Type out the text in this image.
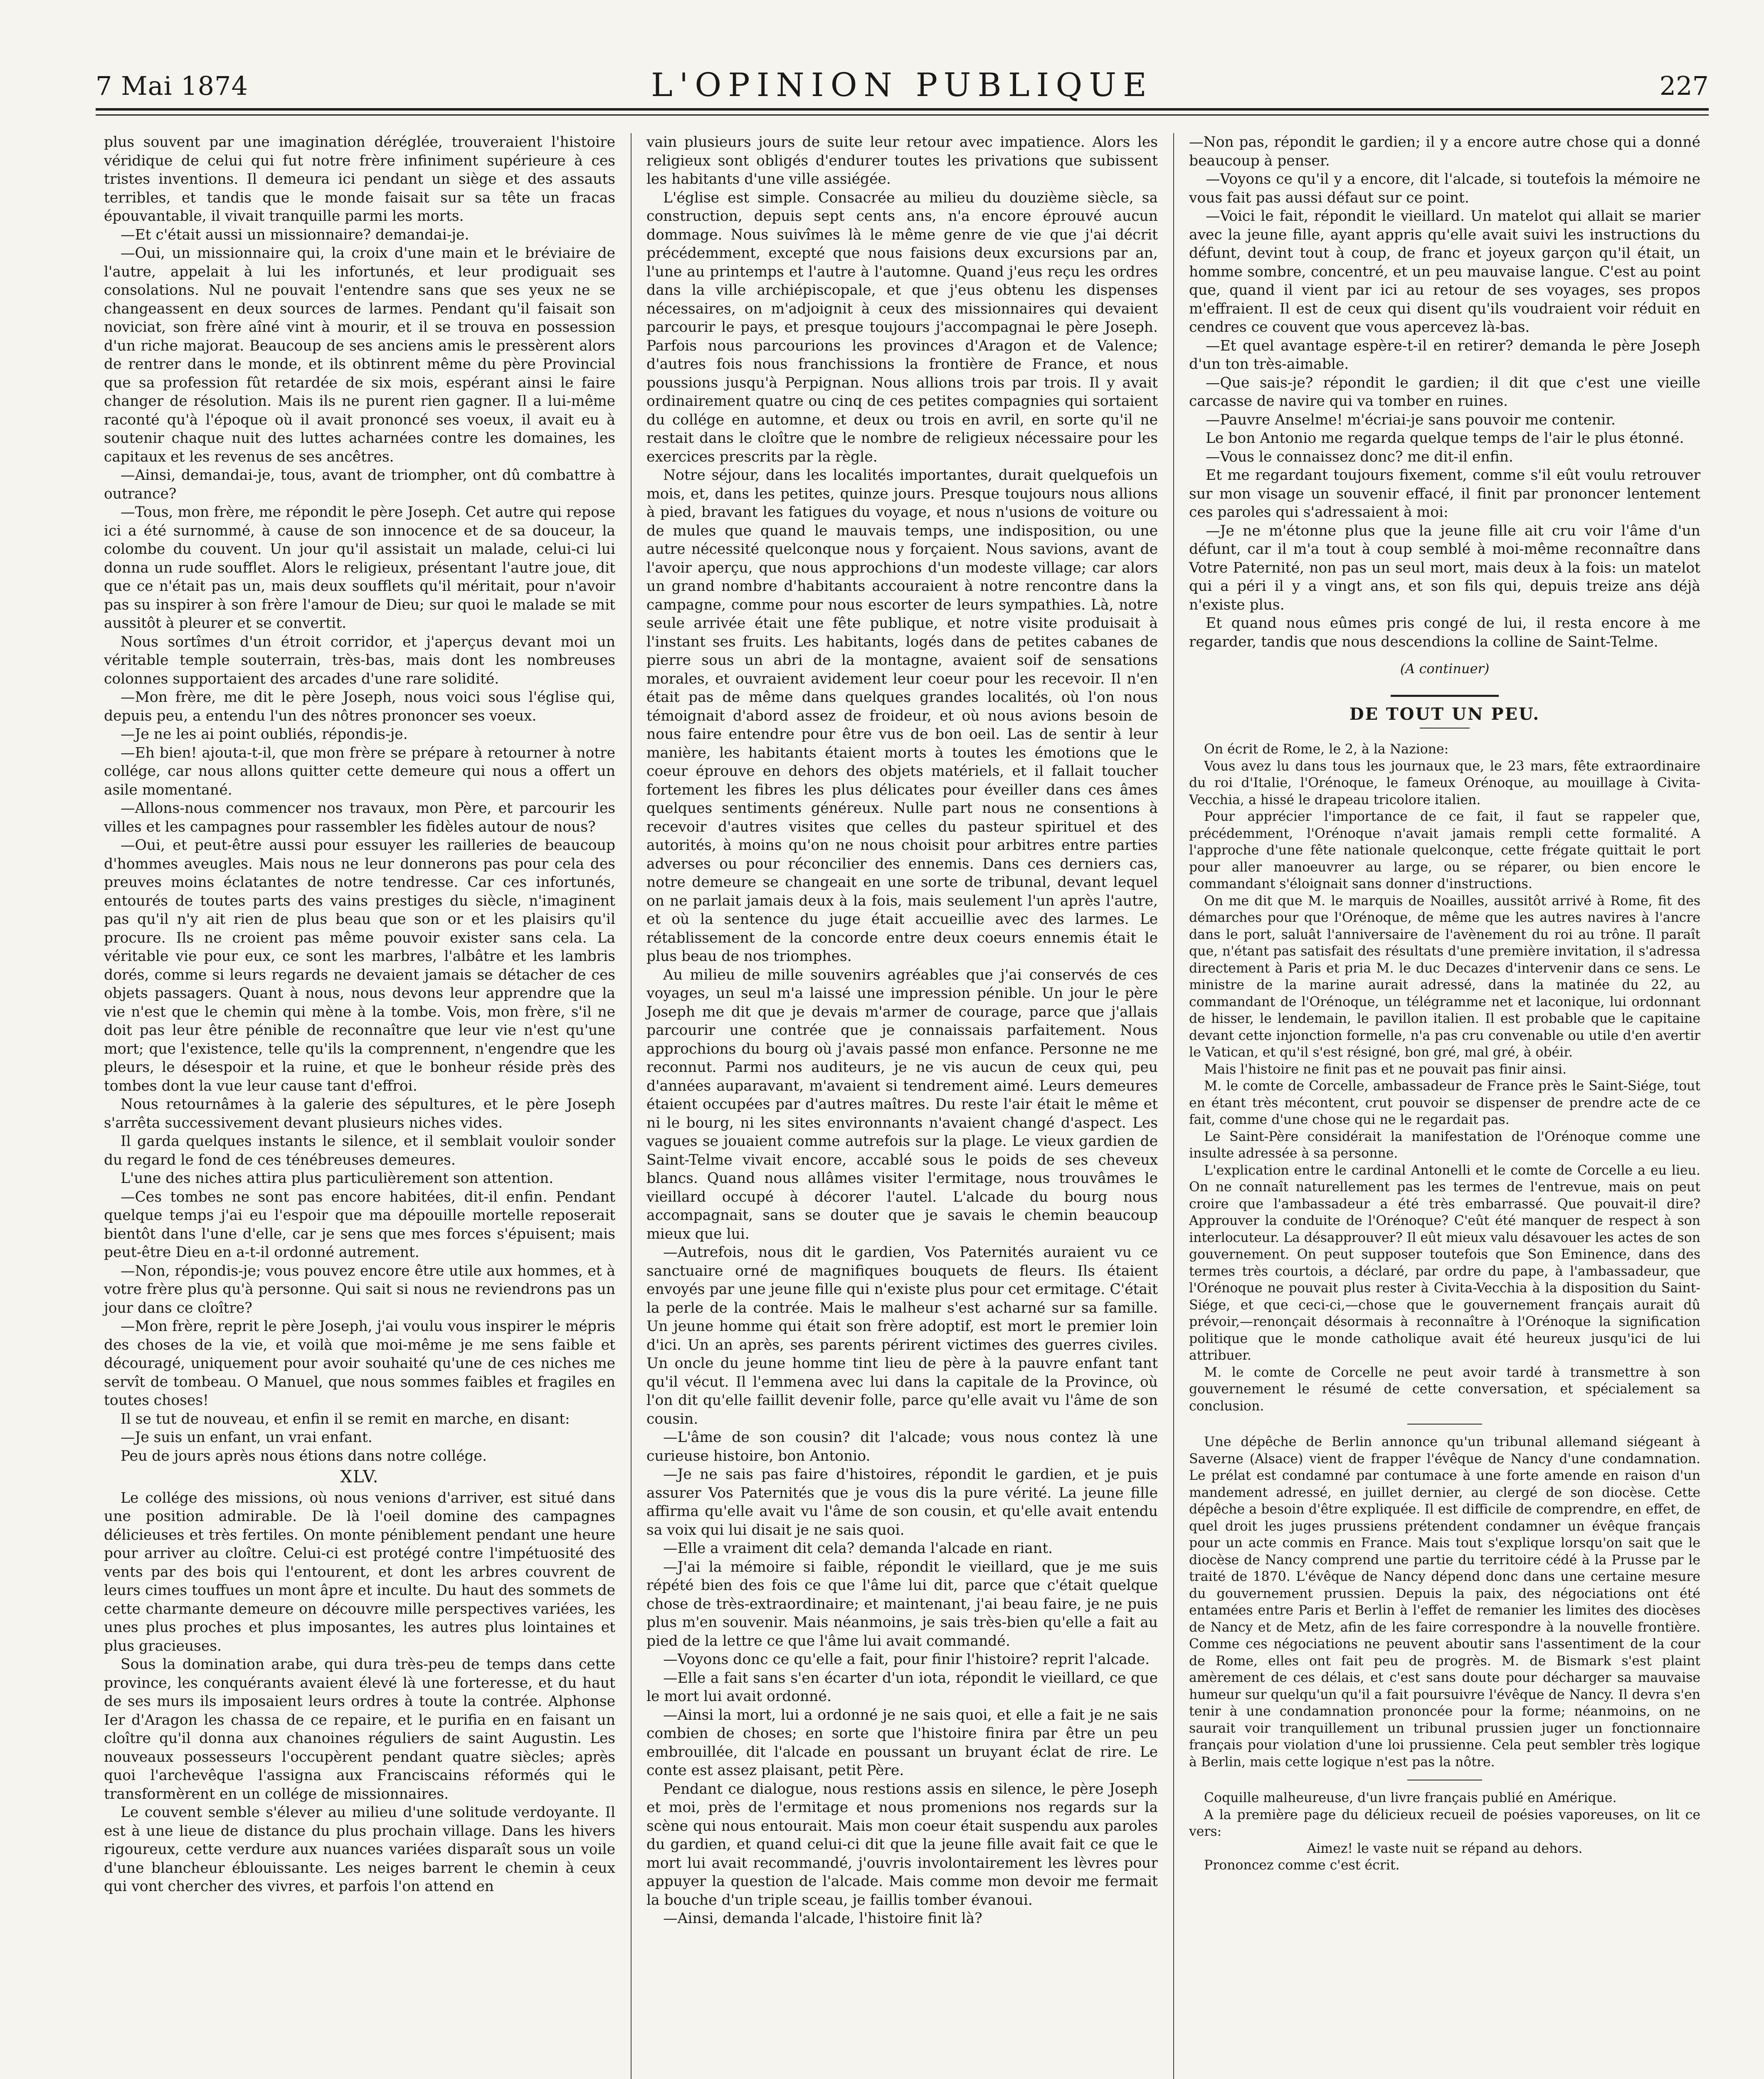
7 Mai 1874	L'OPINION PUBLIQUE	227

plus souvent par une imagination déréglée, trouveraient l'histoire véridique de celui qui fut notre frère infiniment supérieure à ces tristes inventions. Il demeura ici pendant un siège et des assauts terribles, et tandis que le monde faisait sur sa tête un fracas épouvantable, il vivait tranquille parmi les morts.

—Et c'était aussi un missionnaire? demandai-je.

—Oui, un missionnaire qui, la croix d'une main et le bréviaire de l'autre, appelait à lui les infortunés, et leur prodiguait ses consolations. Nul ne pouvait l'entendre sans que ses yeux ne se changeassent en deux sources de larmes. Pendant qu'il faisait son noviciat, son frère aîné vint à mourir, et il se trouva en possession d'un riche majorat. Beaucoup de ses anciens amis le pressèrent alors de rentrer dans le monde, et ils obtinrent même du père Provincial que sa profession fût retardée de six mois, espérant ainsi le faire changer de résolution. Mais ils ne purent rien gagner. Il a lui-même raconté qu'à l'époque où il avait prononcé ses voeux, il avait eu à soutenir chaque nuit des luttes acharnées contre les domaines, les capitaux et les revenus de ses ancêtres.

—Ainsi, demandai-je, tous, avant de triompher, ont dû combattre à outrance?

—Tous, mon frère, me répondit le père Joseph. Cet autre qui repose ici a été surnommé, à cause de son innocence et de sa douceur, la colombe du couvent. Un jour qu'il assistait un malade, celui-ci lui donna un rude soufflet. Alors le religieux, présentant l'autre joue, dit que ce n'était pas un, mais deux soufflets qu'il méritait, pour n'avoir pas su inspirer à son frère l'amour de Dieu; sur quoi le malade se mit aussitôt à pleurer et se convertit.

Nous sortîmes d'un étroit corridor, et j'aperçus devant moi un véritable temple souterrain, très-bas, mais dont les nombreuses colonnes supportaient des arcades d'une rare solidité.

—Mon frère, me dit le père Joseph, nous voici sous l'église qui, depuis peu, a entendu l'un des nôtres prononcer ses voeux.

—Je ne les ai point oubliés, répondis-je.

—Eh bien! ajouta-t-il, que mon frère se prépare à retourner à notre collége, car nous allons quitter cette demeure qui nous a offert un asile momentané.

—Allons-nous commencer nos travaux, mon Père, et parcourir les villes et les campagnes pour rassembler les fidèles autour de nous?

—Oui, et peut-être aussi pour essuyer les railleries de beaucoup d'hommes aveugles. Mais nous ne leur donnerons pas pour cela des preuves moins éclatantes de notre tendresse. Car ces infortunés, entourés de toutes parts des vains prestiges du siècle, n'imaginent pas qu'il n'y ait rien de plus beau que son or et les plaisirs qu'il procure. Ils ne croient pas même pouvoir exister sans cela. La véritable vie pour eux, ce sont les marbres, l'albâtre et les lambris dorés, comme si leurs regards ne devaient jamais se détacher de ces objets passagers. Quant à nous, nous devons leur apprendre que la vie n'est que le chemin qui mène à la tombe. Vois, mon frère, s'il ne doit pas leur être pénible de reconnaître que leur vie n'est qu'une mort; que l'existence, telle qu'ils la comprennent, n'engendre que les pleurs, le désespoir et la ruine, et que le bonheur réside près des tombes dont la vue leur cause tant d'effroi.

Nous retournâmes à la galerie des sépultures, et le père Joseph s'arrêta successivement devant plusieurs niches vides.

Il garda quelques instants le silence, et il semblait vouloir sonder du regard le fond de ces ténébreuses demeures.

L'une des niches attira plus particulièrement son attention.

—Ces tombes ne sont pas encore habitées, dit-il enfin. Pendant quelque temps j'ai eu l'espoir que ma dépouille mortelle reposerait bientôt dans l'une d'elle, car je sens que mes forces s'épuisent; mais peut-être Dieu en a-t-il ordonné autrement.

—Non, répondis-je; vous pouvez encore être utile aux hommes, et à votre frère plus qu'à personne. Qui sait si nous ne reviendrons pas un jour dans ce cloître?

—Mon frère, reprit le père Joseph, j'ai voulu vous inspirer le mépris des choses de la vie, et voilà que moi-même je me sens faible et découragé, uniquement pour avoir souhaité qu'une de ces niches me servît de tombeau. O Manuel, que nous sommes faibles et fragiles en toutes choses!

Il se tut de nouveau, et enfin il se remit en marche, en disant:

—Je suis un enfant, un vrai enfant.

Peu de jours après nous étions dans notre collége.

XLV.

Le collége des missions, où nous venions d'arriver, est situé dans une position admirable. De là l'oeil domine des campagnes délicieuses et très fertiles. On monte péniblement pendant une heure pour arriver au cloître. Celui-ci est protégé contre l'impétuosité des vents par des bois qui l'entourent, et dont les arbres couvrent de leurs cimes touffues un mont âpre et inculte. Du haut des sommets de cette charmante demeure on découvre mille perspectives variées, les unes plus proches et plus imposantes, les autres plus lointaines et plus gracieuses.

Sous la domination arabe, qui dura très-peu de temps dans cette province, les conquérants avaient élevé là une forteresse, et du haut de ses murs ils imposaient leurs ordres à toute la contrée. Alphonse Ier d'Aragon les chassa de ce repaire, et le purifia en en faisant un cloître qu'il donna aux chanoines réguliers de saint Augustin. Les nouveaux possesseurs l'occupèrent pendant quatre siècles; après quoi l'archevêque l'assigna aux Franciscains réformés qui le transformèrent en un collége de missionnaires.

Le couvent semble s'élever au milieu d'une solitude verdoyante. Il est à une lieue de distance du plus prochain village. Dans les hivers rigoureux, cette verdure aux nuances variées disparaît sous un voile d'une blancheur éblouissante. Les neiges barrent le chemin à ceux qui vont chercher des vivres, et parfois l'on attend en

vain plusieurs jours de suite leur retour avec impatience. Alors les religieux sont obligés d'endurer toutes les privations que subissent les habitants d'une ville assiégée.

L'église est simple. Consacrée au milieu du douzième siècle, sa construction, depuis sept cents ans, n'a encore éprouvé aucun dommage. Nous suivîmes là le même genre de vie que j'ai décrit précédemment, excepté que nous faisions deux excursions par an, l'une au printemps et l'autre à l'automne. Quand j'eus reçu les ordres dans la ville archiépiscopale, et que j'eus obtenu les dispenses nécessaires, on m'adjoignit à ceux des missionnaires qui devaient parcourir le pays, et presque toujours j'accompagnai le père Joseph. Parfois nous parcourions les provinces d'Aragon et de Valence; d'autres fois nous franchissions la frontière de France, et nous poussions jusqu'à Perpignan. Nous allions trois par trois. Il y avait ordinairement quatre ou cinq de ces petites compagnies qui sortaient du collége en automne, et deux ou trois en avril, en sorte qu'il ne restait dans le cloître que le nombre de religieux nécessaire pour les exercices prescrits par la règle.

Notre séjour, dans les localités importantes, durait quelquefois un mois, et, dans les petites, quinze jours. Presque toujours nous allions à pied, bravant les fatigues du voyage, et nous n'usions de voiture ou de mules que quand le mauvais temps, une indisposition, ou une autre nécessité quelconque nous y forçaient. Nous savions, avant de l'avoir aperçu, que nous approchions d'un modeste village; car alors un grand nombre d'habitants accouraient à notre rencontre dans la campagne, comme pour nous escorter de leurs sympathies. Là, notre seule arrivée était une fête publique, et notre visite produisait à l'instant ses fruits. Les habitants, logés dans de petites cabanes de pierre sous un abri de la montagne, avaient soif de sensations morales, et ouvraient avidement leur coeur pour les recevoir. Il n'en était pas de même dans quelques grandes localités, où l'on nous témoignait d'abord assez de froideur, et où nous avions besoin de nous faire entendre pour être vus de bon oeil. Las de sentir à leur manière, les habitants étaient morts à toutes les émotions que le coeur éprouve en dehors des objets matériels, et il fallait toucher fortement les fibres les plus délicates pour éveiller dans ces âmes quelques sentiments généreux. Nulle part nous ne consentions à recevoir d'autres visites que celles du pasteur spirituel et des autorités, à moins qu'on ne nous choisit pour arbitres entre parties adverses ou pour réconcilier des ennemis. Dans ces derniers cas, notre demeure se changeait en une sorte de tribunal, devant lequel on ne parlait jamais deux à la fois, mais seulement l'un après l'autre, et où la sentence du juge était accueillie avec des larmes. Le rétablissement de la concorde entre deux coeurs ennemis était le plus beau de nos triomphes.

Au milieu de mille souvenirs agréables que j'ai conservés de ces voyages, un seul m'a laissé une impression pénible. Un jour le père Joseph me dit que je devais m'armer de courage, parce que j'allais parcourir une contrée que je connaissais parfaitement. Nous approchions du bourg où j'avais passé mon enfance. Personne ne me reconnut. Parmi nos auditeurs, je ne vis aucun de ceux qui, peu d'années auparavant, m'avaient si tendrement aimé. Leurs demeures étaient occupées par d'autres maîtres. Du reste l'air était le même et ni le bourg, ni les sites environnants n'avaient changé d'aspect. Les vagues se jouaient comme autrefois sur la plage. Le vieux gardien de Saint-Telme vivait encore, accablé sous le poids de ses cheveux blancs. Quand nous allâmes visiter l'ermitage, nous trouvâmes le vieillard occupé à décorer l'autel. L'alcade du bourg nous accompagnait, sans se douter que je savais le chemin beaucoup mieux que lui.

—Autrefois, nous dit le gardien, Vos Paternités auraient vu ce sanctuaire orné de magnifiques bouquets de fleurs. Ils étaient envoyés par une jeune fille qui n'existe plus pour cet ermitage. C'était la perle de la contrée. Mais le malheur s'est acharné sur sa famille. Un jeune homme qui était son frère adoptif, est mort le premier loin d'ici. Un an après, ses parents périrent victimes des guerres civiles. Un oncle du jeune homme tint lieu de père à la pauvre enfant tant qu'il vécut. Il l'emmena avec lui dans la capitale de la Province, où l'on dit qu'elle faillit devenir folle, parce qu'elle avait vu l'âme de son cousin.

—L'âme de son cousin? dit l'alcade; vous nous contez là une curieuse histoire, bon Antonio.

—Je ne sais pas faire d'histoires, répondit le gardien, et je puis assurer Vos Paternités que je vous dis la pure vérité. La jeune fille affirma qu'elle avait vu l'âme de son cousin, et qu'elle avait entendu sa voix qui lui disait je ne sais quoi.

—Elle a vraiment dit cela? demanda l'alcade en riant.

—J'ai la mémoire si faible, répondit le vieillard, que je me suis répété bien des fois ce que l'âme lui dit, parce que c'était quelque chose de très-extraordinaire; et maintenant, j'ai beau faire, je ne puis plus m'en souvenir. Mais néanmoins, je sais très-bien qu'elle a fait au pied de la lettre ce que l'âme lui avait commandé.

—Voyons donc ce qu'elle a fait, pour finir l'histoire? reprit l'alcade.

—Elle a fait sans s'en écarter d'un iota, répondit le vieillard, ce que le mort lui avait ordonné.

—Ainsi la mort, lui a ordonné je ne sais quoi, et elle a fait je ne sais combien de choses; en sorte que l'histoire finira par être un peu embrouillée, dit l'alcade en poussant un bruyant éclat de rire. Le conte est assez plaisant, petit Père.

Pendant ce dialogue, nous restions assis en silence, le père Joseph et moi, près de l'ermitage et nous promenions nos regards sur la scène qui nous entourait. Mais mon coeur était suspendu aux paroles du gardien, et quand celui-ci dit que la jeune fille avait fait ce que le mort lui avait recommandé, j'ouvris involontairement les lèvres pour appuyer la question de l'alcade. Mais comme mon devoir me fermait la bouche d'un triple sceau, je faillis tomber évanoui.

—Ainsi, demanda l'alcade, l'histoire finit là?

—Non pas, répondit le gardien; il y a encore autre chose qui a donné beaucoup à penser.

—Voyons ce qu'il y a encore, dit l'alcade, si toutefois la mémoire ne vous fait pas aussi défaut sur ce point.

—Voici le fait, répondit le vieillard. Un matelot qui allait se marier avec la jeune fille, ayant appris qu'elle avait suivi les instructions du défunt, devint tout à coup, de franc et joyeux garçon qu'il était, un homme sombre, concentré, et un peu mauvaise langue. C'est au point que, quand il vient par ici au retour de ses voyages, ses propos m'effraient. Il est de ceux qui disent qu'ils voudraient voir réduit en cendres ce couvent que vous apercevez là-bas.

—Et quel avantage espère-t-il en retirer? demanda le père Joseph d'un ton très-aimable.

—Que sais-je? répondit le gardien; il dit que c'est une vieille carcasse de navire qui va tomber en ruines.

—Pauvre Anselme! m'écriai-je sans pouvoir me contenir.

Le bon Antonio me regarda quelque temps de l'air le plus étonné.

—Vous le connaissez donc? me dit-il enfin.

Et me regardant toujours fixement, comme s'il eût voulu retrouver sur mon visage un souvenir effacé, il finit par prononcer lentement ces paroles qui s'adressaient à moi:

—Je ne m'étonne plus que la jeune fille ait cru voir l'âme d'un défunt, car il m'a tout à coup semblé à moi-même reconnaître dans Votre Paternité, non pas un seul mort, mais deux à la fois: un matelot qui a péri il y a vingt ans, et son fils qui, depuis treize ans déjà n'existe plus.

Et quand nous eûmes pris congé de lui, il resta encore à me regarder, tandis que nous descendions la colline de Saint-Telme.

(A continuer)
DE TOUT UN PEU.

On écrit de Rome, le 2, à la Nazione:

Vous avez lu dans tous les journaux que, le 23 mars, fête extraordinaire du roi d'Italie, l'Orénoque, le fameux Orénoque, au mouillage à Civita-Vecchia, a hissé le drapeau tricolore italien.

Pour apprécier l'importance de ce fait, il faut se rappeler que, précédemment, l'Orénoque n'avait jamais rempli cette formalité. A l'approche d'une fête nationale quelconque, cette frégate quittait le port pour aller manoeuvrer au large, ou se réparer, ou bien encore le commandant s'éloignait sans donner d'instructions.

On me dit que M. le marquis de Noailles, aussitôt arrivé à Rome, fit des démarches pour que l'Orénoque, de même que les autres navires à l'ancre dans le port, saluât l'anniversaire de l'avènement du roi au trône. Il paraît que, n'étant pas satisfait des résultats d'une première invitation, il s'adressa directement à Paris et pria M. le duc Decazes d'intervenir dans ce sens. Le ministre de la marine aurait adressé, dans la matinée du 22, au commandant de l'Orénoque, un télégramme net et laconique, lui ordonnant de hisser, le lendemain, le pavillon italien. Il est probable que le capitaine devant cette injonction formelle, n'a pas cru convenable ou utile d'en avertir le Vatican, et qu'il s'est résigné, bon gré, mal gré, à obéir.

Mais l'histoire ne finit pas et ne pouvait pas finir ainsi.

M. le comte de Corcelle, ambassadeur de France près le Saint-Siége, tout en étant très mécontent, crut pouvoir se dispenser de prendre acte de ce fait, comme d'une chose qui ne le regardait pas.

Le Saint-Père considérait la manifestation de l'Orénoque comme une insulte adressée à sa personne.

L'explication entre le cardinal Antonelli et le comte de Corcelle a eu lieu. On ne connaît naturellement pas les termes de l'entrevue, mais on peut croire que l'ambassadeur a été très embarrassé. Que pouvait-il dire? Approuver la conduite de l'Orénoque? C'eût été manquer de respect à son interlocuteur. La désapprouver? Il eût mieux valu désavouer les actes de son gouvernement. On peut supposer toutefois que Son Eminence, dans des termes très courtois, a déclaré, par ordre du pape, à l'ambassadeur, que l'Orénoque ne pouvait plus rester à Civita-Vecchia à la disposition du Saint-Siége, et que ceci-ci,—chose que le gouvernement français aurait dû prévoir,—renonçait désormais à reconnaître à l'Orénoque la signification politique que le monde catholique avait été heureux jusqu'ici de lui attribuer.

M. le comte de Corcelle ne peut avoir tardé à transmettre à son gouvernement le résumé de cette conversation, et spécialement sa conclusion.

Une dépêche de Berlin annonce qu'un tribunal allemand siégeant à Saverne (Alsace) vient de frapper l'évêque de Nancy d'une condamnation. Le prélat est condamné par contumace à une forte amende en raison d'un mandement adressé, en juillet dernier, au clergé de son diocèse. Cette dépêche a besoin d'être expliquée. Il est difficile de comprendre, en effet, de quel droit les juges prussiens prétendent condamner un évêque français pour un acte commis en France. Mais tout s'explique lorsqu'on sait que le diocèse de Nancy comprend une partie du territoire cédé à la Prusse par le traité de 1870. L'évêque de Nancy dépend donc dans une certaine mesure du gouvernement prussien. Depuis la paix, des négociations ont été entamées entre Paris et Berlin à l'effet de remanier les limites des diocèses de Nancy et de Metz, afin de les faire correspondre à la nouvelle frontière. Comme ces négociations ne peuvent aboutir sans l'assentiment de la cour de Rome, elles ont fait peu de progrès. M. de Bismark s'est plaint amèrement de ces délais, et c'est sans doute pour décharger sa mauvaise humeur sur quelqu'un qu'il a fait poursuivre l'évêque de Nancy. Il devra s'en tenir à une condamnation prononcée pour la forme; néanmoins, on ne saurait voir tranquillement un tribunal prussien juger un fonctionnaire français pour violation d'une loi prussienne. Cela peut sembler très logique à Berlin, mais cette logique n'est pas la nôtre.

Coquille malheureuse, d'un livre français publié en Amérique.

A la première page du délicieux recueil de poésies vaporeuses, on lit ce vers:

Aimez! le vaste nuit se répand au dehors.

Prononcez comme c'est écrit.
